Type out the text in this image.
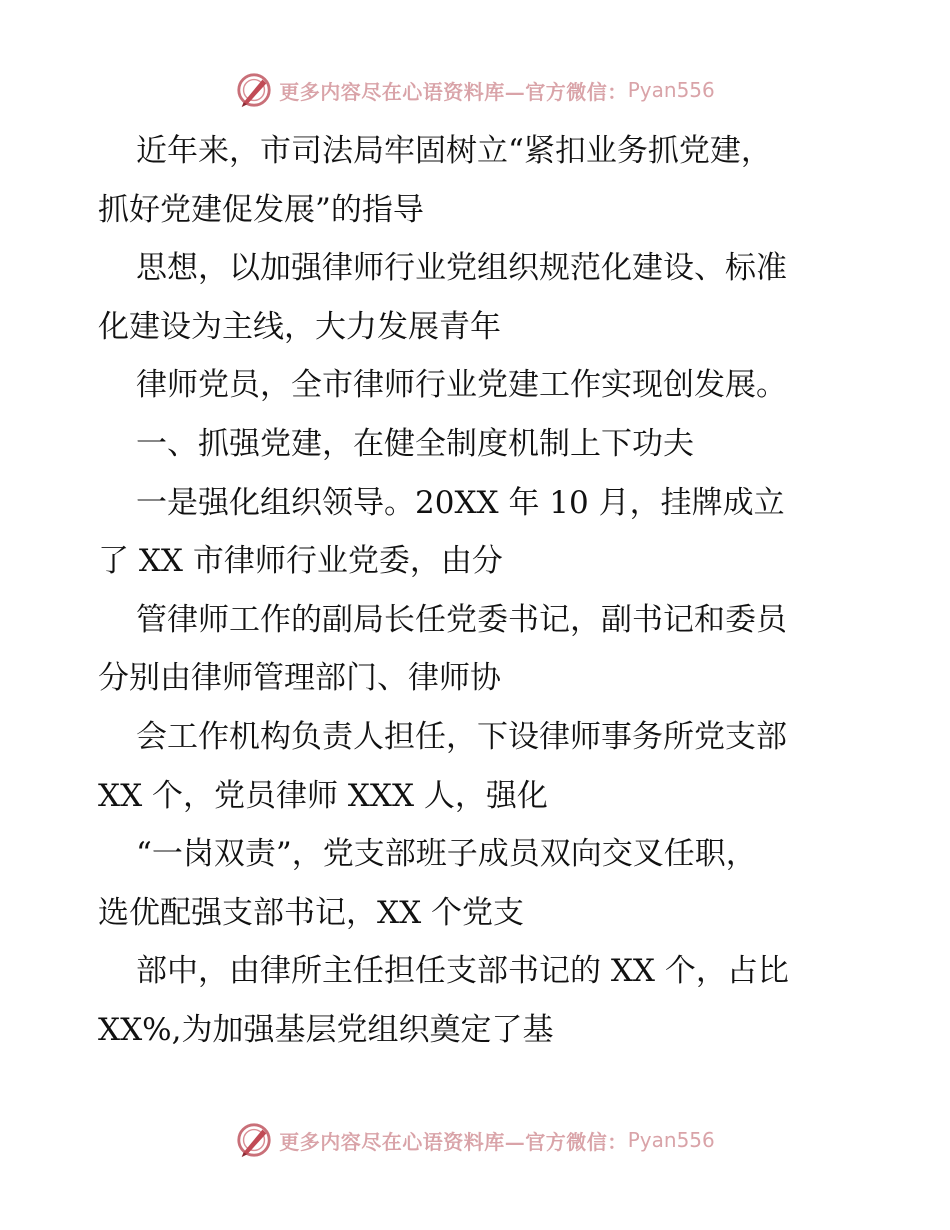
更多内容尽在心语资料库—官方微信： Pyan556
近年来，市司法局牢固树立“紧扣业务抓党建，
抓好党建促发展”的指导
思想，以加强律师行业党组织规范化建设、标准
化建设为主线，大力发展青年
律师党员，全市律师行业党建工作实现创发展。
一、抓强党建，在健全制度机制上下功夫
一是强化组织领导。20XX 年 10 月，挂牌成立
了 XX 市律师行业党委，由分
管律师工作的副局长任党委书记，副书记和委员
分别由律师管理部门、律师协
会工作机构负责人担任，下设律师事务所党支部
XX 个，党员律师 XXX 人，强化
“一岗双责”，党支部班子成员双向交叉任职，
选优配强支部书记，XX 个党支
部中，由律所主任担任支部书记的 XX 个，占比
XX%,为加强基层党组织奠定了基
更多内容尽在心语资料库—官方微信： Pyan556
